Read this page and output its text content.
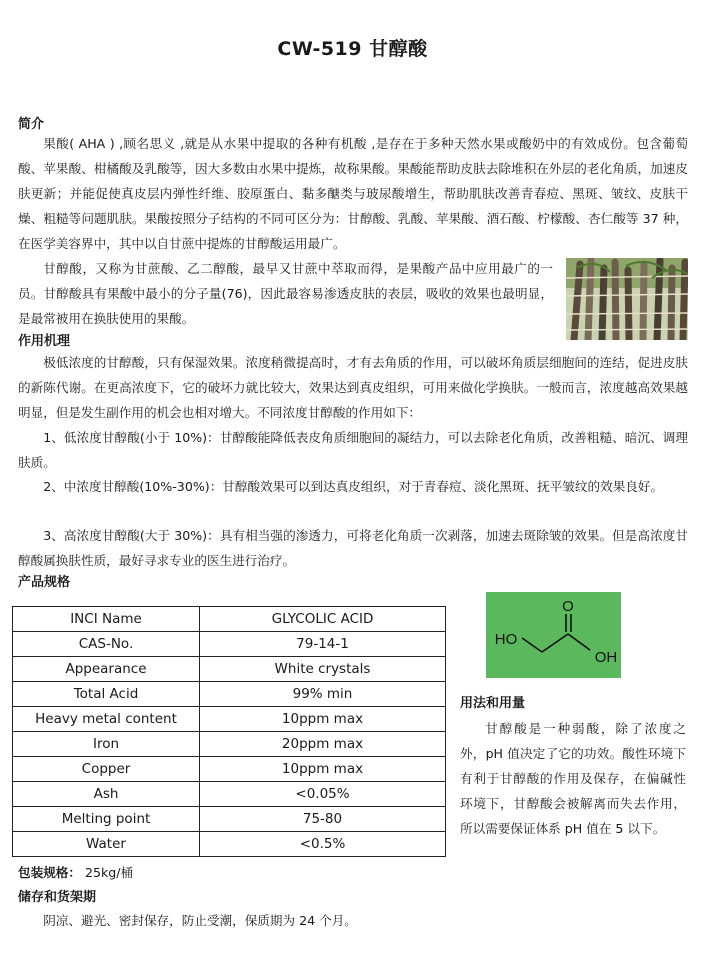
CW-519 甘醇酸
简介

果酸( AHA ) ,顾名思义 ,就是从水果中提取的各种有机酸 ,是存在于多种天然水果或酸奶中的有效成份。包含葡萄酸、苹果酸、柑橘酸及乳酸等，因大多数由水果中提炼，故称果酸。果酸能帮助皮肤去除堆积在外层的老化角质，加速皮肤更新；并能促使真皮层内弹性纤维、胶原蛋白、黏多醣类与玻尿酸增生，帮助肌肤改善青春痘、黑斑、皱纹、皮肤干燥、粗糙等问题肌肤。果酸按照分子结构的不同可区分为：甘醇酸、乳酸、苹果酸、酒石酸、柠檬酸、杏仁酸等 37 种，在医学美容界中，其中以自甘蔗中提炼的甘醇酸运用最广。

甘醇酸，又称为甘蔗酸、乙二醇酸，最早又甘蔗中萃取而得，是果酸产品中应用最广的一员。甘醇酸具有果酸中最小的分子量(76)，因此最容易渗透皮肤的表层，吸收的效果也最明显，是最常被用在换肤使用的果酸。

作用机理

极低浓度的甘醇酸，只有保湿效果。浓度稍微提高时，才有去角质的作用，可以破坏角质层细胞间的连结，促进皮肤的新陈代谢。在更高浓度下，它的破坏力就比较大，效果达到真皮组织，可用来做化学换肤。一般而言，浓度越高效果越明显，但是发生副作用的机会也相对增大。不同浓度甘醇酸的作用如下：

1、低浓度甘醇酸(小于 10%)：甘醇酸能降低表皮角质细胞间的凝结力，可以去除老化角质，改善粗糙、暗沉、调理肤质。

2、中浓度甘醇酸(10%-30%)：甘醇酸效果可以到达真皮组织，对于青春痘、淡化黑斑、抚平皱纹的效果良好。

3、高浓度甘醇酸(大于 30%)：具有相当强的渗透力，可将老化角质一次剥落，加速去斑除皱的效果。但是高浓度甘醇酸属换肤性质，最好寻求专业的医生进行治疗。

产品规格
INCI Name	GLYCOLIC ACID
CAS-No.	79-14-1
Appearance	White crystals
Total Acid	99% min
Heavy metal content	10ppm max
Iron	20ppm max
Copper	10ppm max
Ash	<0.05%
Melting point	75-80
Water	<0.5%
O
HO
OH
用法和用量

甘醇酸是一种弱酸，除了浓度之外，pH 值决定了它的功效。酸性环境下有利于甘醇酸的作用及保存，在偏碱性环境下，甘醇酸会被解离而失去作用，所以需要保证体系 pH 值在 5 以下。

包装规格： 25kg/桶
储存和货架期

阴凉、避光、密封保存，防止受潮，保质期为 24 个月。
